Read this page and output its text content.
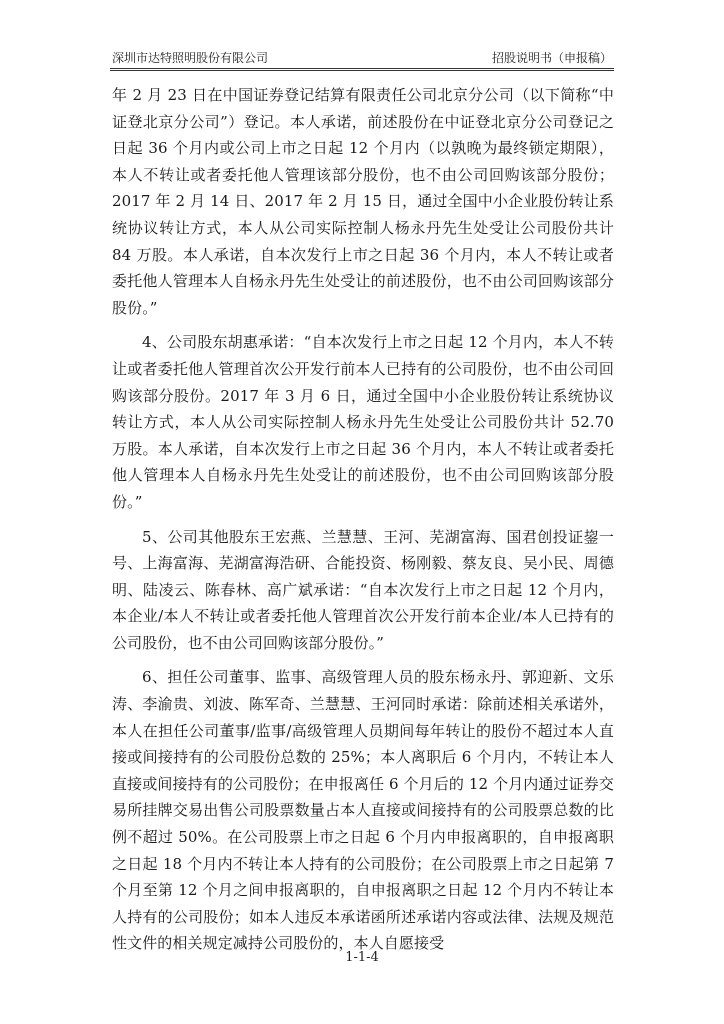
深圳市达特照明股份有限公司	招股说明书（申报稿）

年 2 月 23 日在中国证券登记结算有限责任公司北京分公司（以下简称“中证登北京分公司”）登记。本人承诺，前述股份在中证登北京分公司登记之日起 36 个月内或公司上市之日起 12 个月内（以孰晚为最终锁定期限），本人不转让或者委托他人管理该部分股份，也不由公司回购该部分股份；2017 年 2 月 14 日、2017 年 2 月 15 日，通过全国中小企业股份转让系统协议转让方式，本人从公司实际控制人杨永丹先生处受让公司股份共计 84 万股。本人承诺，自本次发行上市之日起 36 个月内，本人不转让或者委托他人管理本人自杨永丹先生处受让的前述股份，也不由公司回购该部分股份。”

4、公司股东胡惠承诺：“自本次发行上市之日起 12 个月内，本人不转让或者委托他人管理首次公开发行前本人已持有的公司股份，也不由公司回购该部分股份。2017 年 3 月 6 日，通过全国中小企业股份转让系统协议转让方式，本人从公司实际控制人杨永丹先生处受让公司股份共计 52.70 万股。本人承诺，自本次发行上市之日起 36 个月内，本人不转让或者委托他人管理本人自杨永丹先生处受让的前述股份，也不由公司回购该部分股份。”

5、公司其他股东王宏燕、兰慧慧、王河、芜湖富海、国君创投证鋆一号、上海富海、芜湖富海浩研、合能投资、杨刚毅、蔡友良、吴小民、周德明、陆凌云、陈春林、高广斌承诺：“自本次发行上市之日起 12 个月内，本企业/本人不转让或者委托他人管理首次公开发行前本企业/本人已持有的公司股份，也不由公司回购该部分股份。”

6、担任公司董事、监事、高级管理人员的股东杨永丹、郭迎新、文乐涛、李渝贵、刘波、陈军奇、兰慧慧、王河同时承诺：除前述相关承诺外，本人在担任公司董事/监事/高级管理人员期间每年转让的股份不超过本人直接或间接持有的公司股份总数的 25%；本人离职后 6 个月内，不转让本人直接或间接持有的公司股份；在申报离任 6 个月后的 12 个月内通过证券交易所挂牌交易出售公司股票数量占本人直接或间接持有的公司股票总数的比例不超过 50%。在公司股票上市之日起 6 个月内申报离职的，自申报离职之日起 18 个月内不转让本人持有的公司股份；在公司股票上市之日起第 7 个月至第 12 个月之间申报离职的，自申报离职之日起 12 个月内不转让本人持有的公司股份；如本人违反本承诺函所述承诺内容或法律、法规及规范性文件的相关规定减持公司股份的，本人自愿接受

1-1-4
